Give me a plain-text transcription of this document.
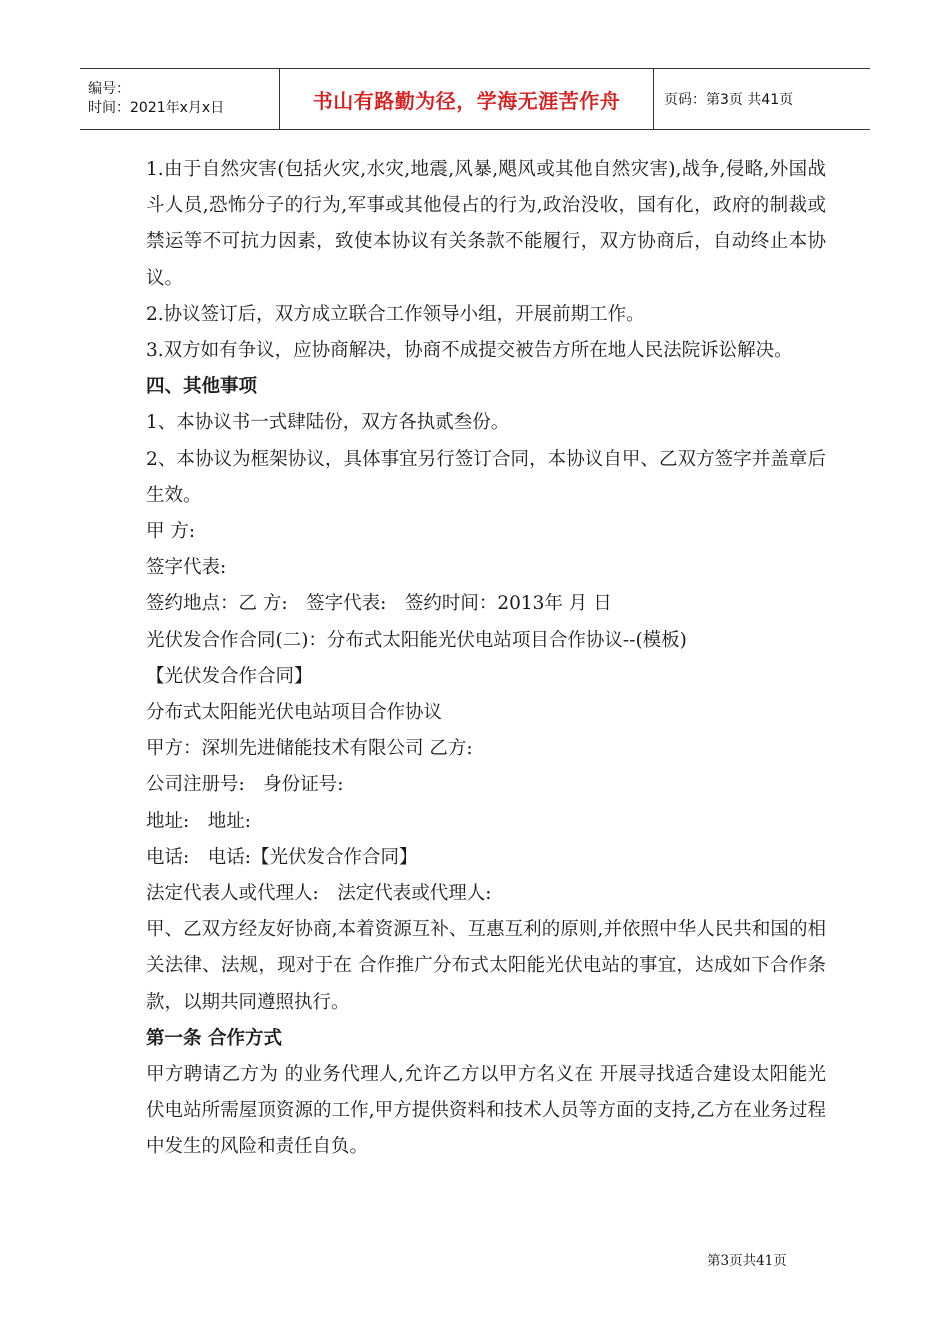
编号：
时间：2021年x月x日	书山有路勤为径，学海无涯苦作舟	页码：第3页 共41页

1.由于自然灾害(包括火灾,水灾,地震,风暴,飓风或其他自然灾害),战争,侵略,外国战斗人员,恐怖分子的行为,军事或其他侵占的行为,政治没收，国有化，政府的制裁或禁运等不可抗力因素，致使本协议有关条款不能履行，双方协商后，自动终止本协议。

2.协议签订后，双方成立联合工作领导小组，开展前期工作。

3.双方如有争议，应协商解决，协商不成提交被告方所在地人民法院诉讼解决。

四、其他事项

1、本协议书一式肆陆份，双方各执贰叁份。

2、本协议为框架协议，具体事宜另行签订合同，本协议自甲、乙双方签字并盖章后生效。

甲 方:

签字代表:

签约地点：乙 方:　签字代表:　签约时间：2013年 月 日

光伏发合作合同(二)：分布式太阳能光伏电站项目合作协议--(模板)

【光伏发合作合同】

分布式太阳能光伏电站项目合作协议

甲方：深圳先进储能技术有限公司 乙方:

公司注册号:　身份证号:

地址:　地址:

电话:　电话:【光伏发合作合同】

法定代表人或代理人:　法定代表或代理人:

甲、乙双方经友好协商,本着资源互补、互惠互利的原则,并依照中华人民共和国的相关法律、法规，现对于在 合作推广分布式太阳能光伏电站的事宜，达成如下合作条款，以期共同遵照执行。

第一条 合作方式

甲方聘请乙方为 的业务代理人,允许乙方以甲方名义在 开展寻找适合建设太阳能光伏电站所需屋顶资源的工作,甲方提供资料和技术人员等方面的支持,乙方在业务过程中发生的风险和责任自负。

第3页共41页
